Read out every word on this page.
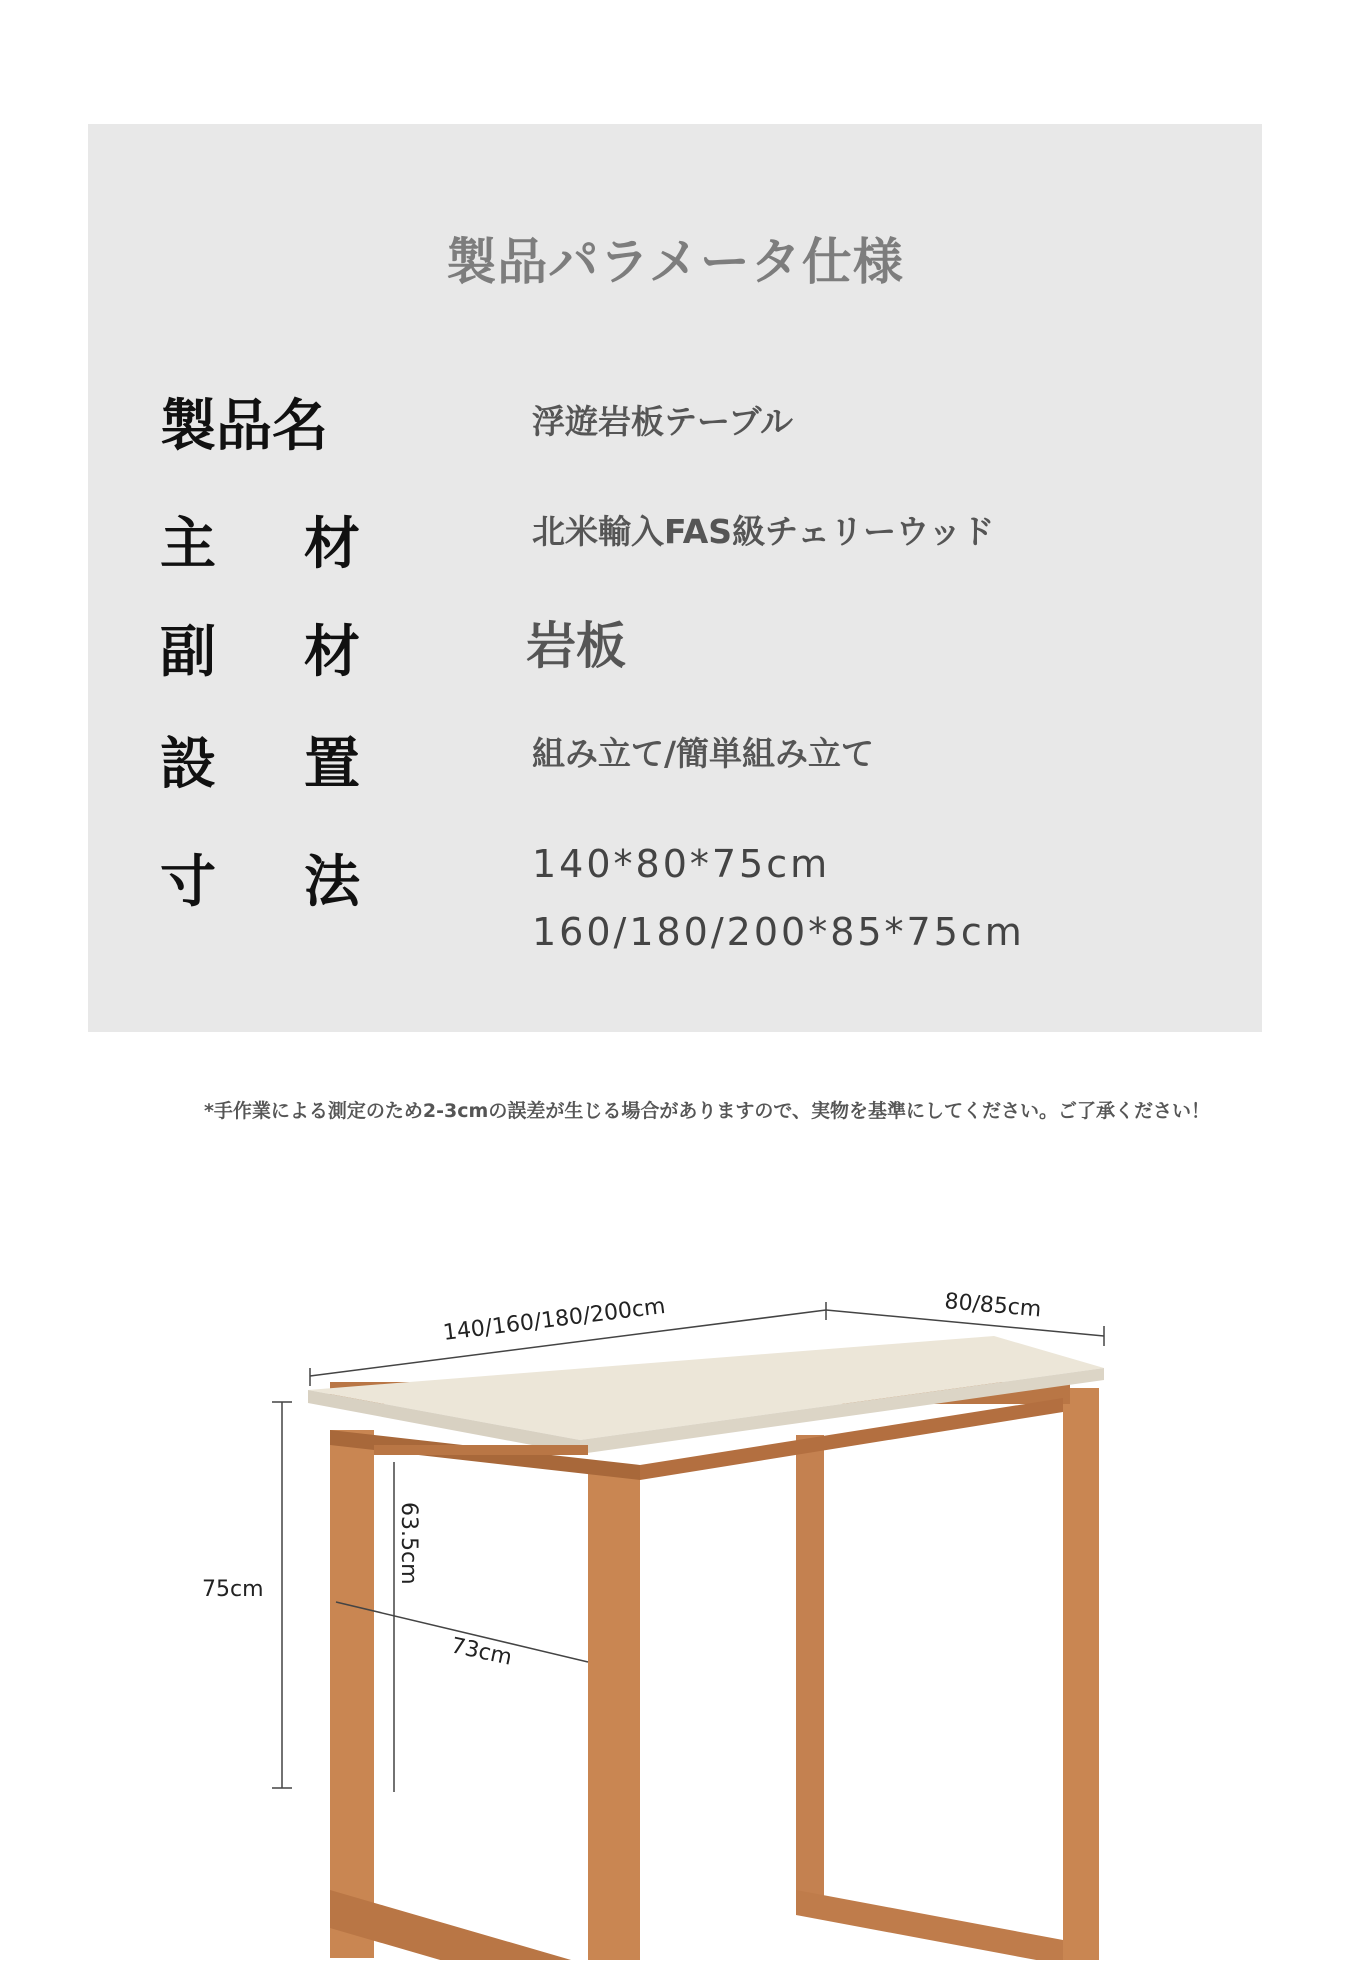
製品パラメータ仕様
製品名	浮遊岩板テーブル
主 材	北米輸入FAS級チェリーウッド
副 材	岩板
設 置	組み立て/簡単組み立て
寸 法	140*80*75cm
160/180/200*85*75cm
*手作業による測定のため2-3cmの誤差が生じる場合がありますので、実物を基準にしてください。ご了承ください！
140/160/180/200cm	80/85cm
75cm
63.5cm
73cm
